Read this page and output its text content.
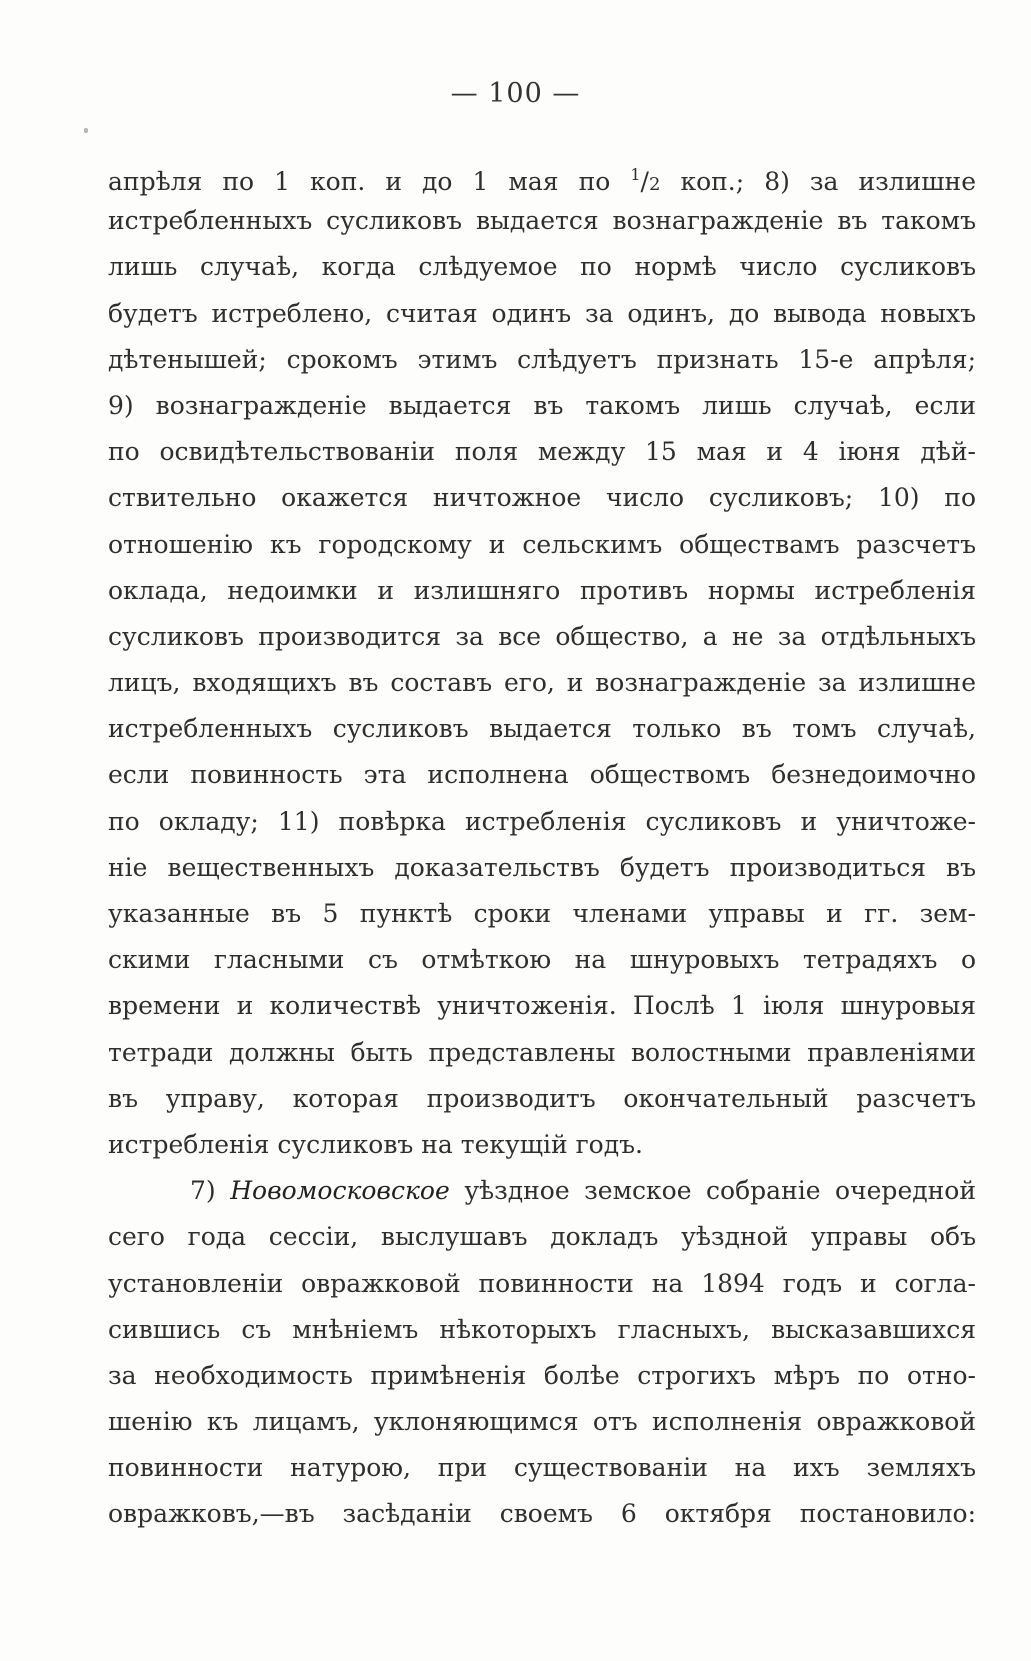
— 100 —
апрѣля по 1 коп. и до 1 мая по $^1$/2 коп.; 8) за излишне
истребленныхъ сусликовъ выдается вознагражденіе въ такомъ
лишь случаѣ, когда слѣдуемое по нормѣ число сусликовъ
будетъ истреблено, считая одинъ за одинъ, до вывода новыхъ
дѣтенышей; срокомъ этимъ слѣдуетъ признать 15-е апрѣля;
9) вознагражденіе выдается въ такомъ лишь случаѣ, если
по освидѣтельствованіи поля между 15 мая и 4 іюня дѣй-
ствительно окажется ничтожное число сусликовъ; 10) по
отношенію къ городскому и сельскимъ обществамъ разсчетъ
оклада, недоимки и излишняго противъ нормы истребленія
сусликовъ производится за все общество, а не за отдѣльныхъ
лицъ, входящихъ въ составъ его, и вознагражденіе за излишне
истребленныхъ сусликовъ выдается только въ томъ случаѣ,
если повинность эта исполнена обществомъ безнедоимочно
по окладу; 11) повѣрка истребленія сусликовъ и уничтоже-
ніе вещественныхъ доказательствъ будетъ производиться въ
указанные въ 5 пунктѣ сроки членами управы и гг. зем-
скими гласными съ отмѣткою на шнуровыхъ тетрадяхъ о
времени и количествѣ уничтоженія. Послѣ 1 іюля шнуровыя
тетради должны быть представлены волостными правленіями
въ управу, которая производитъ окончательный разсчетъ
истребленія сусликовъ на текущій годъ.
7) Новомосковское уѣздное земское собраніе очередной
сего года сессіи, выслушавъ докладъ уѣздной управы объ
установленіи овражковой повинности на 1894 годъ и согла-
сившись съ мнѣніемъ нѣкоторыхъ гласныхъ, высказавшихся
за необходимость примѣненія болѣе строгихъ мѣръ по отно-
шенію къ лицамъ, уклоняющимся отъ исполненія овражковой
повинности натурою, при существованіи на ихъ земляхъ
овражковъ,—въ засѣданіи своемъ 6 октября постановило:
